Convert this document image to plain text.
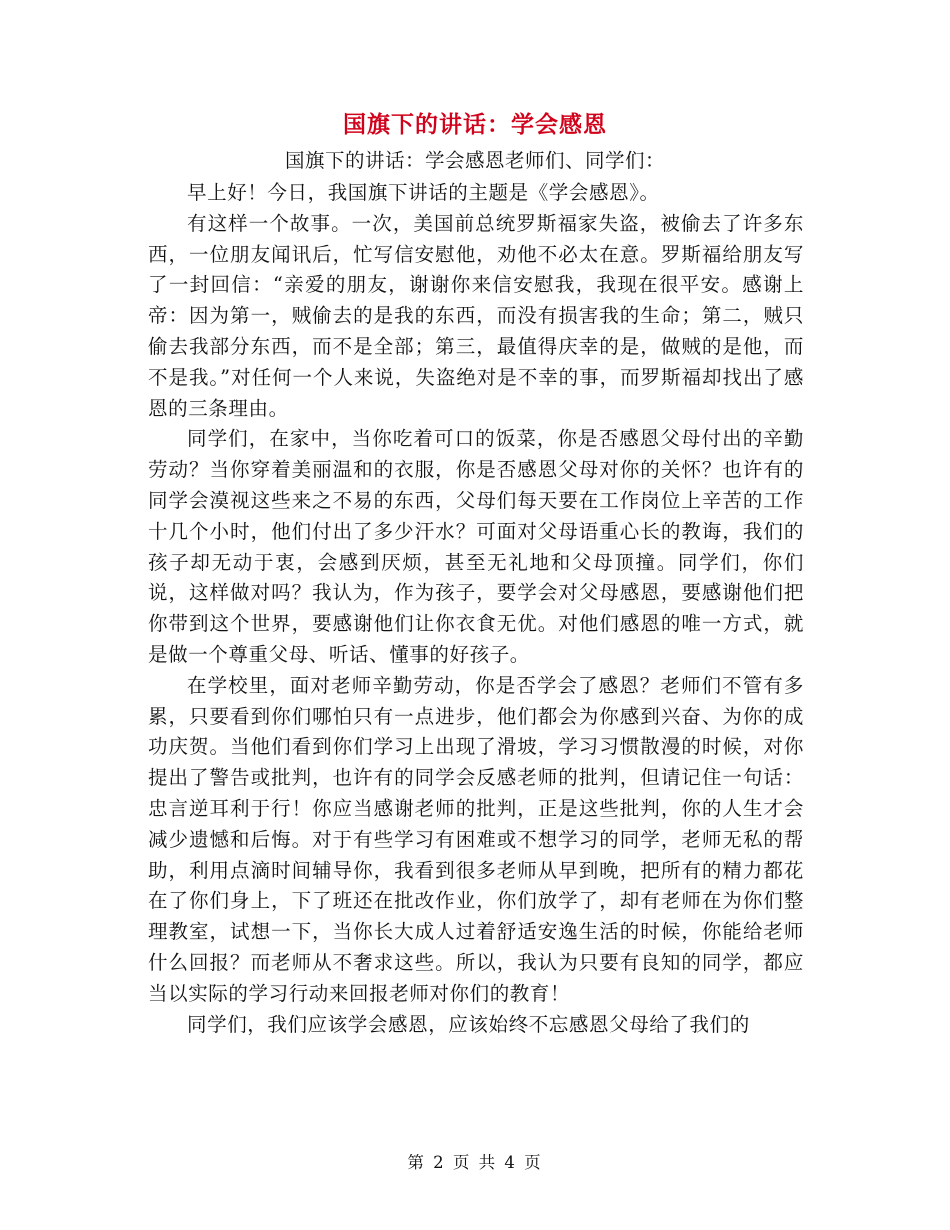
国旗下的讲话：学会感恩
国旗下的讲话：学会感恩老师们、同学们：

早上好！今日，我国旗下讲话的主题是《学会感恩》。

有这样一个故事。一次，美国前总统罗斯福家失盗，被偷去了许多东西，一位朋友闻讯后，忙写信安慰他，劝他不必太在意。罗斯福给朋友写了一封回信：“亲爱的朋友，谢谢你来信安慰我，我现在很平安。感谢上帝：因为第一，贼偷去的是我的东西，而没有损害我的生命；第二，贼只偷去我部分东西，而不是全部；第三，最值得庆幸的是，做贼的是他，而不是我。”对任何一个人来说，失盗绝对是不幸的事，而罗斯福却找出了感恩的三条理由。

同学们，在家中，当你吃着可口的饭菜，你是否感恩父母付出的辛勤劳动？当你穿着美丽温和的衣服，你是否感恩父母对你的关怀？也许有的同学会漠视这些来之不易的东西，父母们每天要在工作岗位上辛苦的工作十几个小时，他们付出了多少汗水？可面对父母语重心长的教诲，我们的孩子却无动于衷，会感到厌烦，甚至无礼地和父母顶撞。同学们，你们说，这样做对吗？我认为，作为孩子，要学会对父母感恩，要感谢他们把你带到这个世界，要感谢他们让你衣食无优。对他们感恩的唯一方式，就是做一个尊重父母、听话、懂事的好孩子。

在学校里，面对老师辛勤劳动，你是否学会了感恩？老师们不管有多累，只要看到你们哪怕只有一点进步，他们都会为你感到兴奋、为你的成功庆贺。当他们看到你们学习上出现了滑坡，学习习惯散漫的时候，对你提出了警告或批判，也许有的同学会反感老师的批判，但请记住一句话：忠言逆耳利于行！你应当感谢老师的批判，正是这些批判，你的人生才会减少遗憾和后悔。对于有些学习有困难或不想学习的同学，老师无私的帮助，利用点滴时间辅导你，我看到很多老师从早到晚，把所有的精力都花在了你们身上，下了班还在批改作业，你们放学了，却有老师在为你们整理教室，试想一下，当你长大成人过着舒适安逸生活的时候，你能给老师什么回报？而老师从不奢求这些。所以，我认为只要有良知的同学，都应当以实际的学习行动来回报老师对你们的教育！

同学们，我们应该学会感恩，应该始终不忘感恩父母给了我们的

第 2 页 共 4 页
